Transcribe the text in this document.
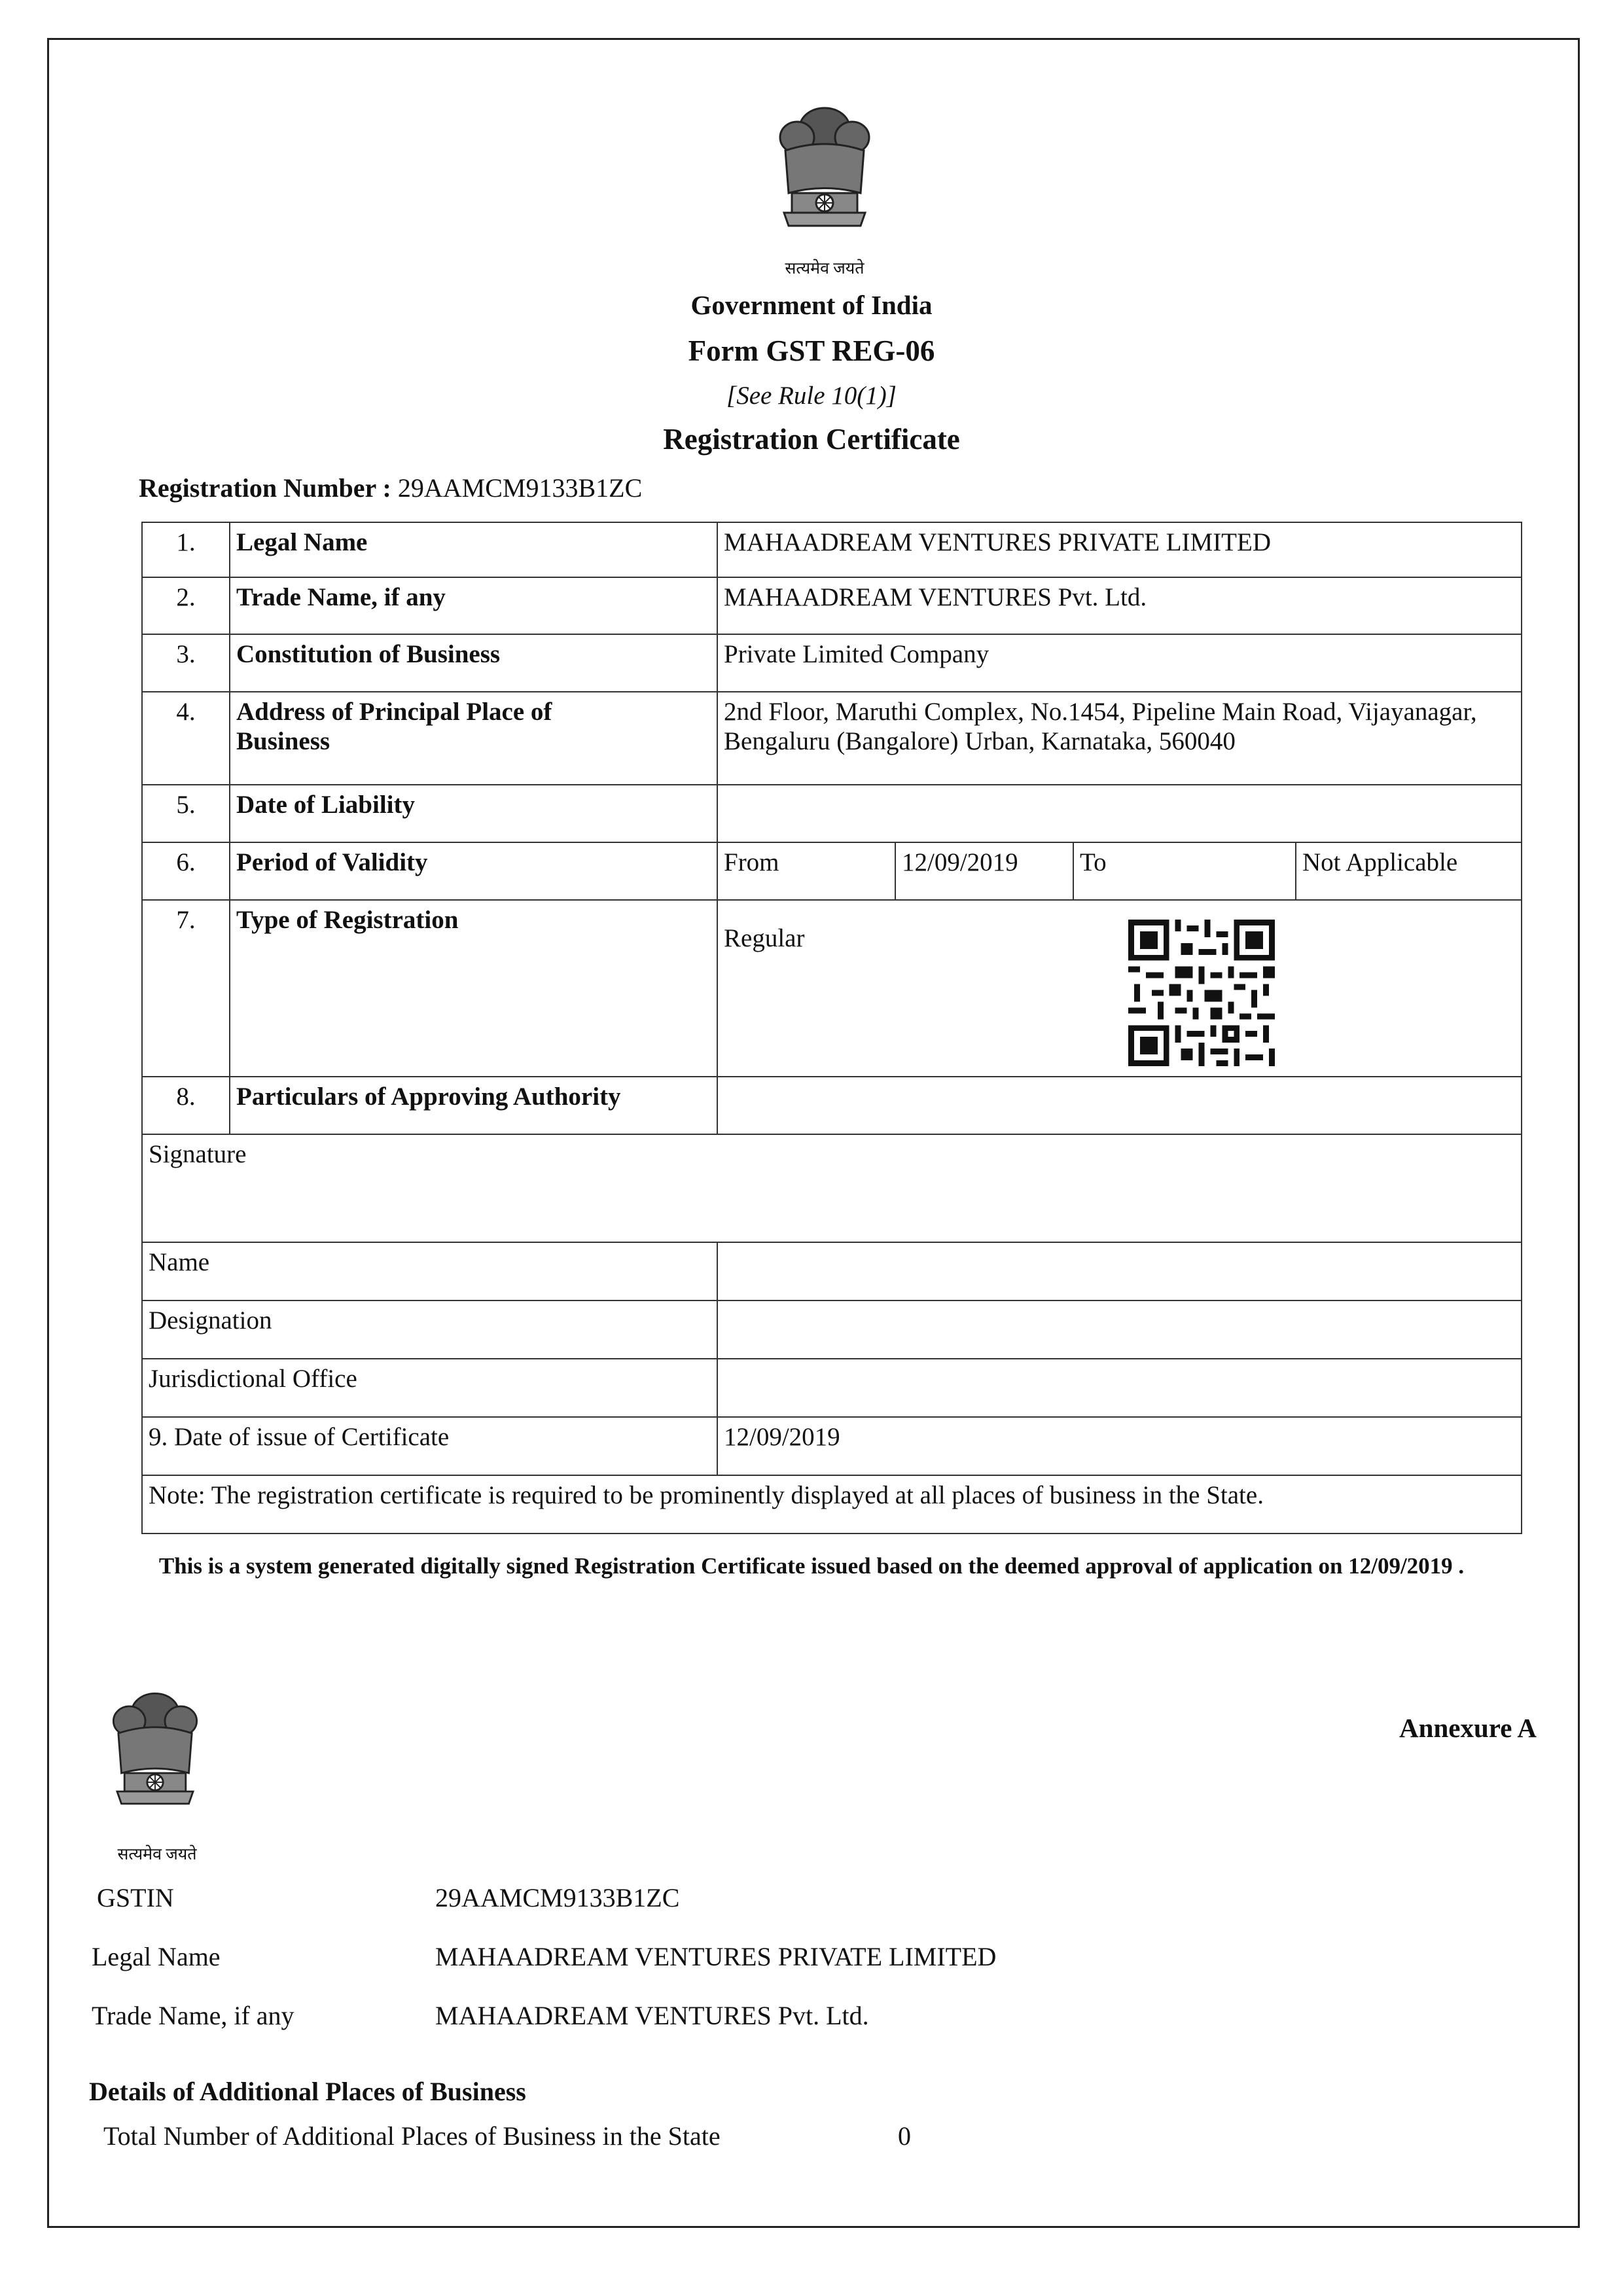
सत्यमेव जयते
Government of India
Form GST REG-06
[See Rule 10(1)]
Registration Certificate
Registration Number : 29AAMCM9133B1ZC
1.	Legal Name	MAHAADREAM VENTURES PRIVATE LIMITED			
2.	Trade Name, if any	MAHAADREAM VENTURES Pvt. Ltd.			
3.	Constitution of Business	Private Limited Company			
4.	Address of Principal Place of Business	2nd Floor, Maruthi Complex, No.1454, Pipeline Main Road, Vijayanagar, Bengaluru (Bangalore) Urban, Karnataka, 560040			
5.	Date of Liability				
6.	Period of Validity	From	12/09/2019	To	Not Applicable
7.	Type of Registration	Regular			

8.	Particulars of Approving Authority				
Signature					
Name					
Designation					
Jurisdictional Office					
9. Date of issue of Certificate		12/09/2019			
Note: The registration certificate is required to be prominently displayed at all places of business in the State.					
This is a system generated digitally signed Registration Certificate issued based on the deemed approval of application on 12/09/2019 .
सत्यमेव जयते
Annexure A
GSTIN	29AAMCM9133B1ZC
Legal Name	MAHAADREAM VENTURES PRIVATE LIMITED
Trade Name, if any	MAHAADREAM VENTURES Pvt. Ltd.
Details of Additional Places of Business
Total Number of Additional Places of Business in the State	0
